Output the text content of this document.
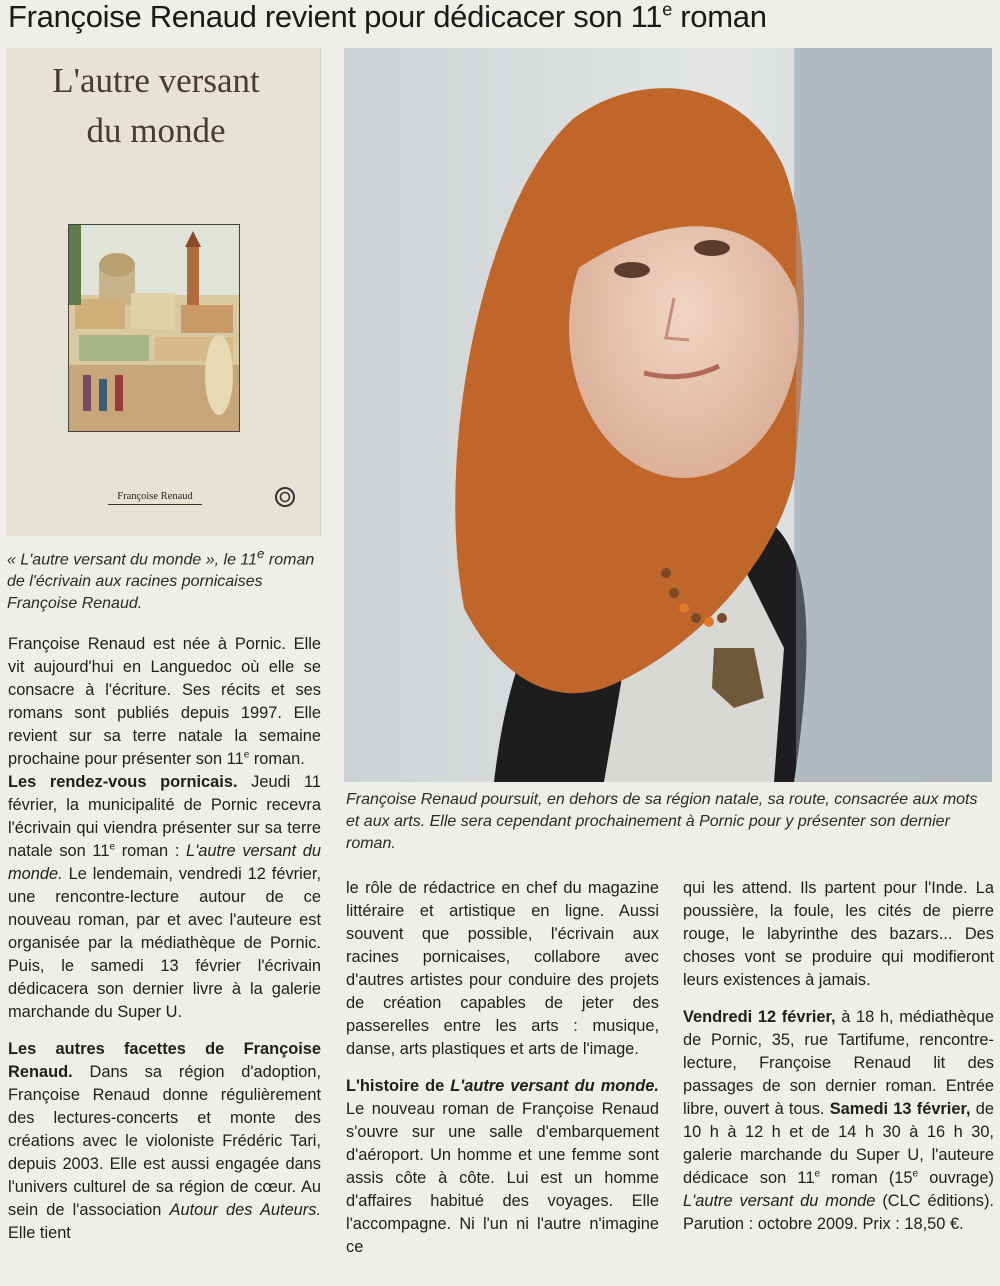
Françoise Renaud revient pour dédicacer son 11e roman
L'autre versant
du monde
Françoise Renaud
« L'autre versant du monde », le 11e roman de l'écrivain aux racines pornicaises Françoise Renaud.
Françoise Renaud poursuit, en dehors de sa région natale, sa route, consacrée aux mots et aux arts. Elle sera cependant prochainement à Pornic pour y présenter son dernier roman.

Françoise Renaud est née à Pornic. Elle vit aujourd'hui en Languedoc où elle se consacre à l'écriture. Ses récits et ses romans sont publiés depuis 1997. Elle revient sur sa terre natale la semaine prochaine pour présenter son 11e roman.

Les rendez-vous pornicais. Jeudi 11 février, la municipalité de Pornic recevra l'écrivain qui viendra présenter sur sa terre natale son 11e roman : L'autre versant du monde. Le lendemain, vendredi 12 février, une rencontre-lecture autour de ce nouveau roman, par et avec l'auteure est organisée par la médiathèque de Pornic. Puis, le samedi 13 février l'écrivain dédicacera son dernier livre à la galerie marchande du Super U.

Les autres facettes de Françoise Renaud. Dans sa région d'adoption, Françoise Renaud donne régulièrement des lectures-concerts et monte des créations avec le violoniste Frédéric Tari, depuis 2003. Elle est aussi engagée dans l'univers culturel de sa région de cœur. Au sein de l'association Autour des Auteurs. Elle tient

le rôle de rédactrice en chef du magazine littéraire et artistique en ligne. Aussi souvent que possible, l'écrivain aux racines pornicaises, collabore avec d'autres artistes pour conduire des projets de création capables de jeter des passerelles entre les arts : musique, danse, arts plastiques et arts de l'image.

L'histoire de L'autre versant du monde. Le nouveau roman de Françoise Renaud s'ouvre sur une salle d'embarquement d'aéroport. Un homme et une femme sont assis côte à côte. Lui est un homme d'affaires habitué des voyages. Elle l'accompagne. Ni l'un ni l'autre n'imagine ce

qui les attend. Ils partent pour l'Inde. La poussière, la foule, les cités de pierre rouge, le labyrinthe des bazars... Des choses vont se produire qui modifieront leurs existences à jamais.

Vendredi 12 février, à 18 h, médiathèque de Pornic, 35, rue Tartifume, rencontre-lecture, Françoise Renaud lit des passages de son dernier roman. Entrée libre, ouvert à tous. Samedi 13 février, de 10 h à 12 h et de 14 h 30 à 16 h 30, galerie marchande du Super U, l'auteure dédicace son 11e roman (15e ouvrage) L'autre versant du monde (CLC éditions). Parution : octobre 2009. Prix : 18,50 €.
